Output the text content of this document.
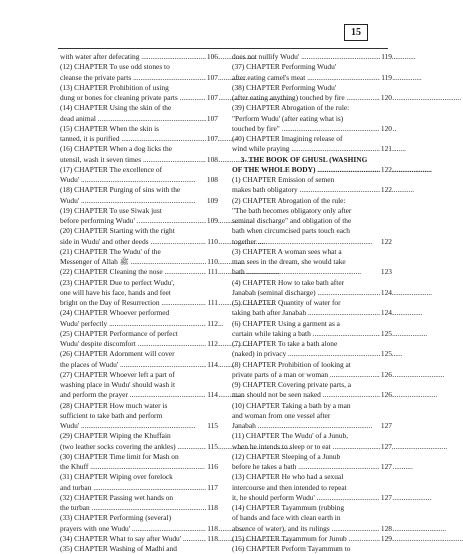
15
with water after defecating .....	106
(12) CHAPTER To use odd stones to
cleanse the private parts .....	107
(13) CHAPTER Prohibition of using
dung or bones for cleaning private parts .....	107
(14) CHAPTER Using the skin of the
dead animal .....	107
(15) CHAPTER When the skin is
tanned, it is purified .....	107
(16) CHAPTER When a dog licks the
utensil, wash it seven times .....	108
(17) CHAPTER The excellence of
Wudu' .....	108
(18) CHAPTER Purging of sins with the
Wudu' .....	109
(19) CHAPTER To use Siwak just
before performing Wudu' .....	109
(20) CHAPTER Starting with the right
side in Wudu' and other deeds .....	110
(21) CHAPTER The Wudu' of the
Messenger of Allah ﷺ .....	110
(22) CHAPTER Cleaning the nose .....	111
(23) CHAPTER Due to perfect Wudu',
one will have his face, hands and feet
bright on the Day of Resurrection .....	111
(24) CHAPTER Whoever performed
Wudu' perfectly .....	112
(25) CHAPTER Performance of perfect
Wudu' despite discomfort .....	112
(26) CHAPTER Adornment will cover
the places of Wudu' .....	114
(27) CHAPTER Whoever left a part of
washing place in Wudu' should wash it
and perform the prayer .....	114
(28) CHAPTER How much water is
sufficient to take bath and perform
Wudu' .....	115
(29) CHAPTER Wiping the Khuffain
(two leather socks covering the ankles) .....	115
(30) CHAPTER Time limit for Mash on
the Khuff .....	116
(31) CHAPTER Wiping over forelock
and turban .....	117
(32) CHAPTER Passing wet hands on
the turban .....	118
(33) CHAPTER Performing (several)
prayers with one Wudu' .....	118
(34) CHAPTER What to say after Wudu' .....	118
(35) CHAPTER Washing of Madhi and
does not nullify Wudu' .....	119
(37) CHAPTER Performing Wudu'
after eating camel's meat .....	119
(38) CHAPTER Performing Wudu'
(after eating anything) touched by fire .....	120
(39) CHAPTER Abrogation of the rule:
"Perform Wudu' (after eating what is)
touched by fire" .....	120
(40) CHAPTER Imagining release of
wind while praying .....	121
3- THE BOOK OF GHUSL (WASHING
OF THE WHOLE BODY) .....	122
(1) CHAPTER Emission of semen
makes bath obligatory .....	122
(2) CHAPTER Abrogation of the rule:
"The bath becomes obligatory only after
seminal discharge" and obligation of the
bath when circumcised parts touch each
together .....	122
(3) CHAPTER A woman sees what a
man sees in the dream, she would take
bath .....	123
(4) CHAPTER How to take bath after
Janabah (seminal discharge) .....	124
(5) CHAPTER Quantity of water for
taking bath after Janabah .....	124
(6) CHAPTER Using a garment as a
curtain while taking a bath .....	125
(7) CHAPTER To take a bath alone
(naked) in privacy .....	125
(8) CHAPTER Prohibition of looking at
private parts of a man or woman .....	126
(9) CHAPTER Covering private parts, a
man should not be seen naked .....	126
(10) CHAPTER Taking a bath by a man
and woman from one vessel after
Janabah .....	127
(11) CHAPTER The Wudu' of a Junub,
when he intends to sleep or to eat .....	127
(12) CHAPTER Sleeping of a Junub
before he takes a bath .....	127
(13) CHAPTER He who had a sexual
intercourse and then intended to repeat
it, he should perform Wudu' .....	127
(14) CHAPTER Tayammum (rubbing
of hands and face with clean earth in
absence of water), and its rulings .....	128
(15) CHAPTER Tayammum for Junub .....	129
(16) CHAPTER Perform Tayammum to
